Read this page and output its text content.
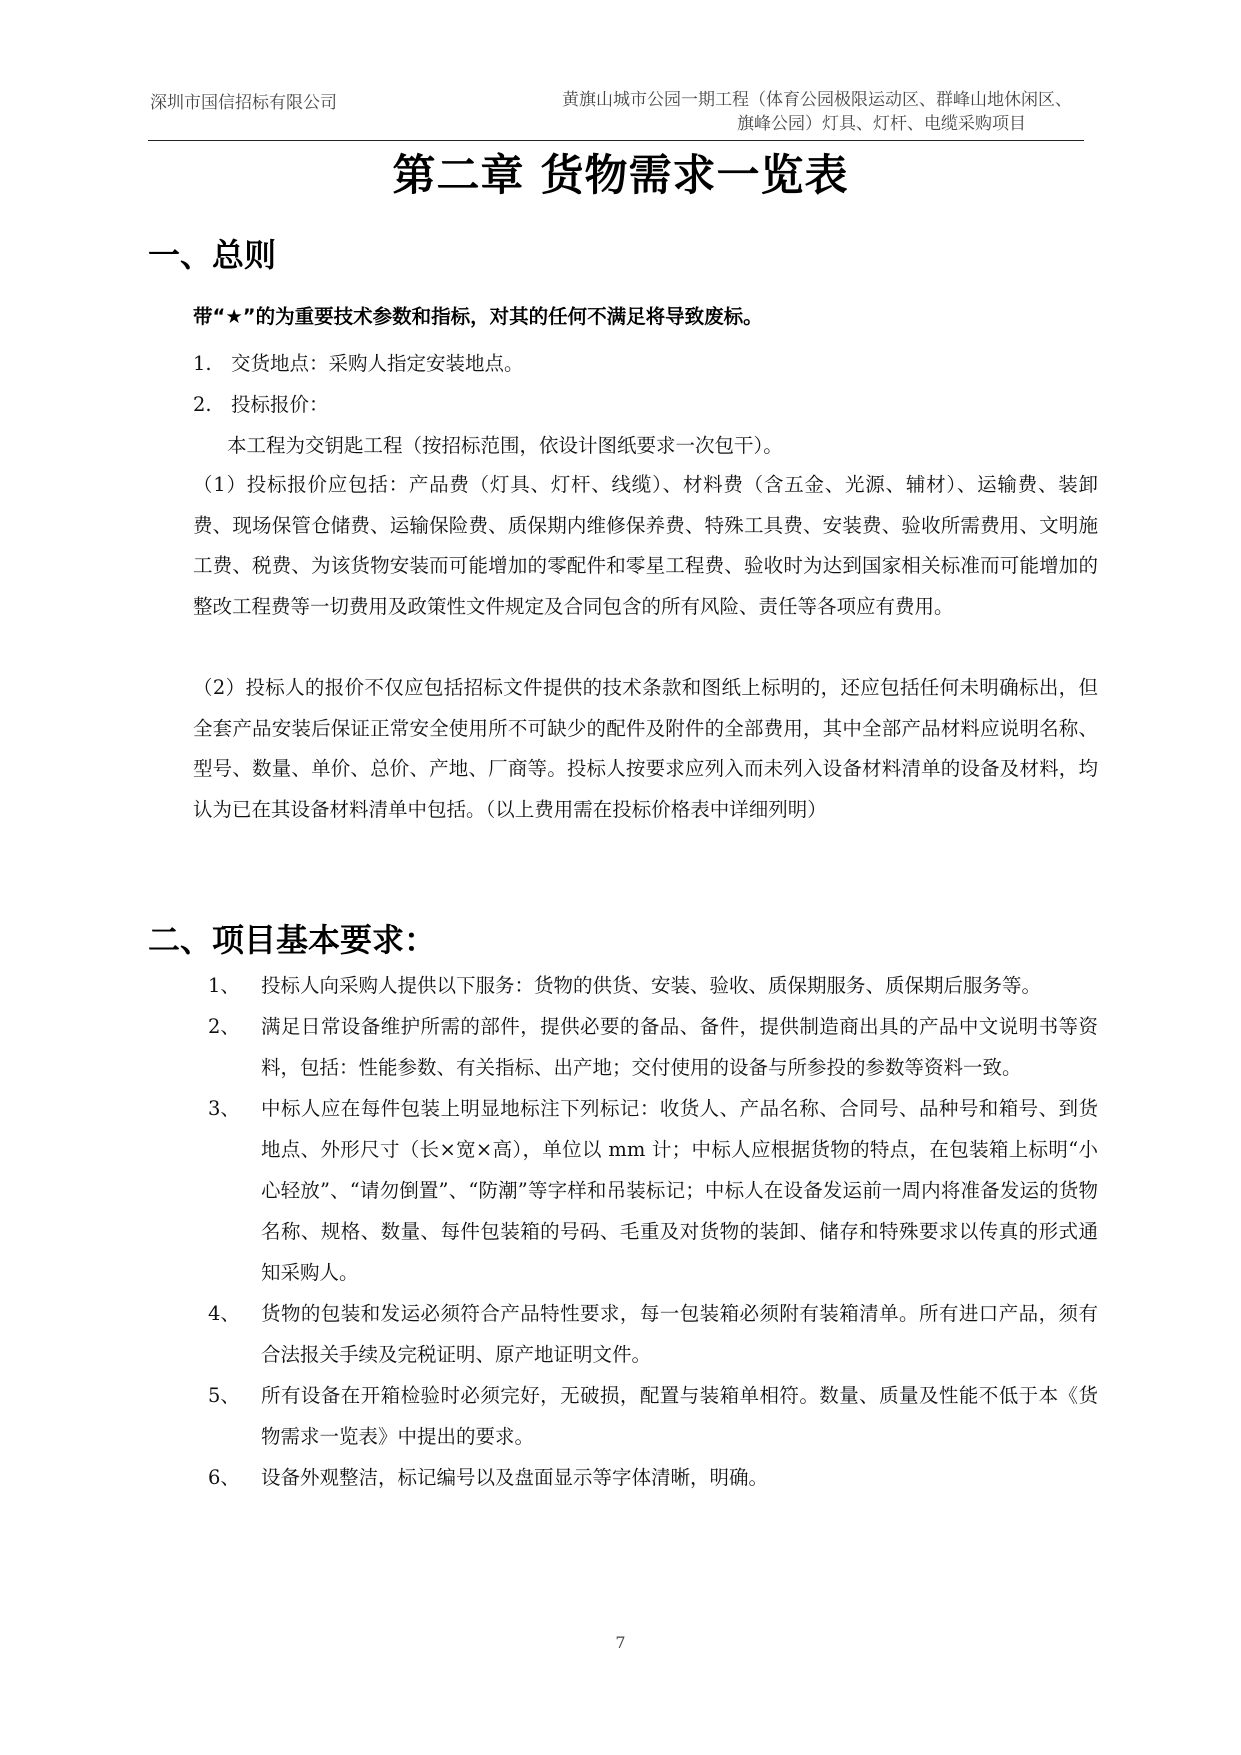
深圳市国信招标有限公司	黄旗山城市公园一期工程（体育公园极限运动区、群峰山地休闲区、
旗峰公园）灯具、灯杆、电缆采购项目
第二章 货物需求一览表
一、总则
带“★”的为重要技术参数和指标，对其的任何不满足将导致废标。
1. 交货地点：采购人指定安装地点。
2. 投标报价：
本工程为交钥匙工程（按招标范围，依设计图纸要求一次包干）。
（1）投标报价应包括：产品费（灯具、灯杆、线缆）、材料费（含五金、光源、辅材）、运输费、装卸费、现场保管仓储费、运输保险费、质保期内维修保养费、特殊工具费、安装费、验收所需费用、文明施工费、税费、为该货物安装而可能增加的零配件和零星工程费、验收时为达到国家相关标准而可能增加的整改工程费等一切费用及政策性文件规定及合同包含的所有风险、责任等各项应有费用。
（2）投标人的报价不仅应包括招标文件提供的技术条款和图纸上标明的，还应包括任何未明确标出，但全套产品安装后保证正常安全使用所不可缺少的配件及附件的全部费用，其中全部产品材料应说明名称、型号、数量、单价、总价、产地、厂商等。投标人按要求应列入而未列入设备材料清单的设备及材料，均认为已在其设备材料清单中包括。（以上费用需在投标价格表中详细列明）
二、项目基本要求：
1、 投标人向采购人提供以下服务：货物的供货、安装、验收、质保期服务、质保期后服务等。
2、 满足日常设备维护所需的部件，提供必要的备品、备件，提供制造商出具的产品中文说明书等资料，包括：性能参数、有关指标、出产地；交付使用的设备与所参投的参数等资料一致。
3、 中标人应在每件包装上明显地标注下列标记：收货人、产品名称、合同号、品种号和箱号、到货地点、外形尺寸（长×宽×高），单位以 mm 计；中标人应根据货物的特点，在包装箱上标明“小心轻放”、“请勿倒置”、“防潮”等字样和吊装标记；中标人在设备发运前一周内将准备发运的货物名称、规格、数量、每件包装箱的号码、毛重及对货物的装卸、储存和特殊要求以传真的形式通知采购人。
4、 货物的包装和发运必须符合产品特性要求，每一包装箱必须附有装箱清单。所有进口产品，须有合法报关手续及完税证明、原产地证明文件。
5、 所有设备在开箱检验时必须完好，无破损，配置与装箱单相符。数量、质量及性能不低于本《货物需求一览表》中提出的要求。
6、 设备外观整洁，标记编号以及盘面显示等字体清晰，明确。
7
